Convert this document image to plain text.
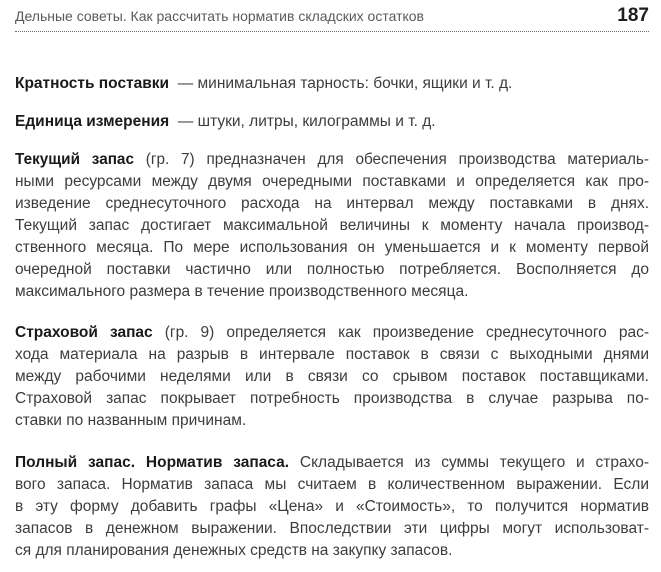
Дельные советы. Как рассчитать норматив складских остатков	187
Кратность поставки — минимальная тарность: бочки, ящики и т. д.
Единица измерения — штуки, литры, килограммы и т. д.
Текущий запас (гр. 7) предназначен для обеспечения производства материаль-
ными ресурсами между двумя очередными поставками и определяется как про-
изведение среднесуточного расхода на интервал между поставками в днях.
Текущий запас достигает максимальной величины к моменту начала производ-
ственного месяца. По мере использования он уменьшается и к моменту первой
очередной поставки частично или полностью потребляется. Восполняется до
максимального размера в течение производственного месяца.
Страховой запас (гр. 9) определяется как произведение среднесуточного рас-
хода материала на разрыв в интервале поставок в связи с выходными днями
между рабочими неделями или в связи со срывом поставок поставщиками.
Страховой запас покрывает потребность производства в случае разрыва по-
ставки по названным причинам.
Полный запас. Норматив запаса. Складывается из суммы текущего и страхо-
вого запаса. Норматив запаса мы считаем в количественном выражении. Если
в эту форму добавить графы «Цена» и «Стоимость», то получится норматив
запасов в денежном выражении. Впоследствии эти цифры могут использоват-
ся для планирования денежных средств на закупку запасов.
